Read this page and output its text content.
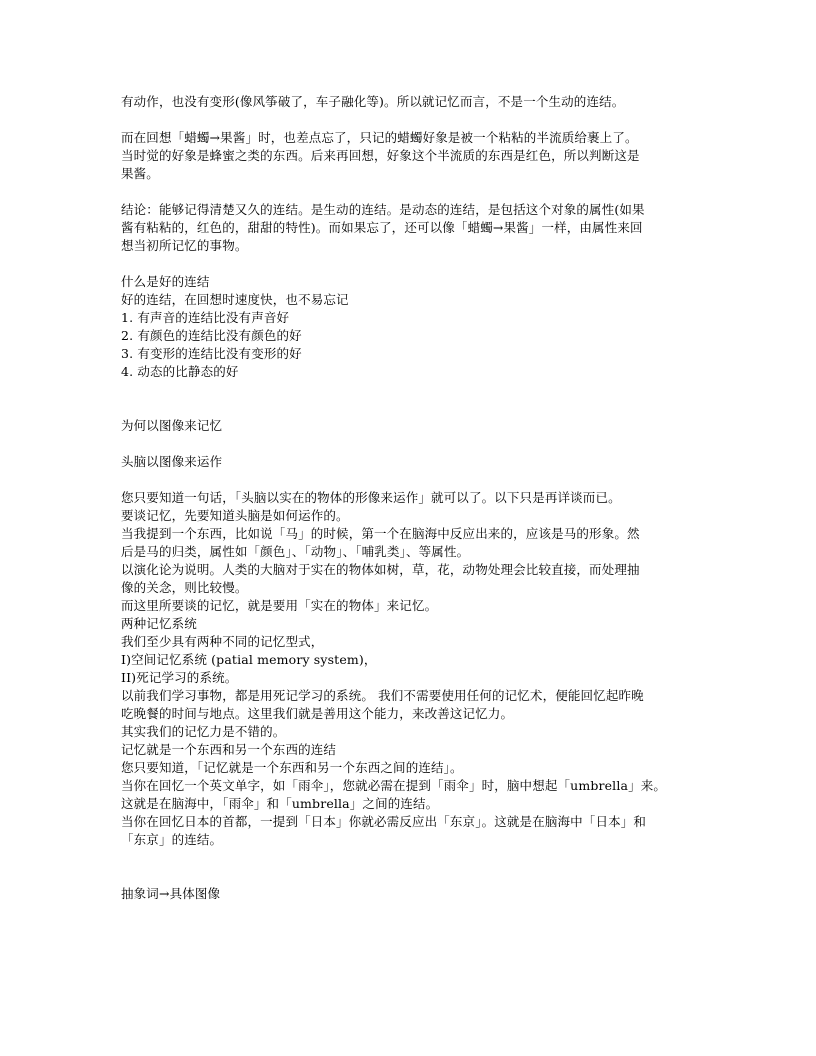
有动作，也没有变形(像风筝破了，车子融化等)。所以就记忆而言，不是一个生动的连结。
而在回想「蜡蠋→果酱」时，也差点忘了，只记的蜡蠋好象是被一个粘粘的半流质给裹上了。
当时觉的好象是蜂蜜之类的东西。后来再回想，好象这个半流质的东西是红色，所以判断这是
果酱。
结论：能够记得清楚又久的连结。是生动的连结。是动态的连结，是包括这个对象的属性(如果
酱有粘粘的，红色的，甜甜的特性)。而如果忘了，还可以像「蜡蠋→果酱」一样，由属性来回
想当初所记忆的事物。
什么是好的连结
好的连结，在回想时速度快，也不易忘记
1. 有声音的连结比没有声音好
2. 有颜色的连结比没有颜色的好
3. 有变形的连结比没有变形的好
4. 动态的比静态的好
为何以图像来记忆
头脑以图像来运作
您只要知道一句话，「头脑以实在的物体的形像来运作」就可以了。以下只是再详谈而已。
要谈记忆，先要知道头脑是如何运作的。
当我提到一个东西，比如说「马」的时候，第一个在脑海中反应出来的，应该是马的形象。然
后是马的归类，属性如「颜色」、「动物」、「哺乳类」、等属性。
以演化论为说明。人类的大脑对于实在的物体如树，草，花，动物处理会比较直接，而处理抽
像的关念，则比较慢。
而这里所要谈的记忆，就是要用「实在的物体」来记忆。
两种记忆系统
我们至少具有两种不同的记忆型式，
I)空间记忆系统 (patial memory system)，
II)死记学习的系统。
以前我们学习事物，都是用死记学习的系统。 我们不需要使用任何的记忆术，便能回忆起昨晚
吃晚餐的时间与地点。这里我们就是善用这个能力，来改善这记忆力。
其实我们的记忆力是不错的。
记忆就是一个东西和另一个东西的连结
您只要知道，「记忆就是一个东西和另一个东西之间的连结」。
当你在回忆一个英文单字，如「雨伞」，您就必需在提到「雨伞」时，脑中想起「umbrella」来。
这就是在脑海中，「雨伞」和「umbrella」之间的连结。
当你在回忆日本的首都，一提到「日本」你就必需反应出「东京」。这就是在脑海中「日本」和
「东京」的连结。
抽象词→具体图像
